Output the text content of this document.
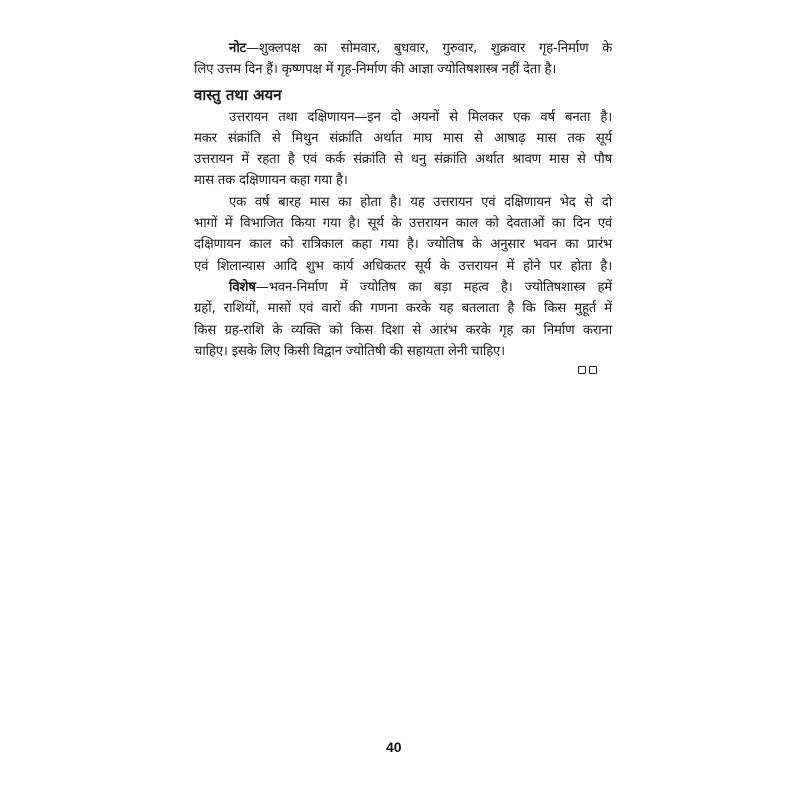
नोट—शुक्लपक्ष का सोमवार, बुधवार, गुरुवार, शुक्रवार गृह-निर्माण के
लिए उत्तम दिन हैं। कृष्णपक्ष में गृह-निर्माण की आज्ञा ज्योतिषशास्त्र नहीं देता है।
वास्तु तथा अयन
उत्तरायन तथा दक्षिणायन—इन दो अयनों से मिलकर एक वर्ष बनता है।
मकर संक्रांति से मिथुन संक्रांति अर्थात माघ मास से आषाढ़ मास तक सूर्य
उत्तरायन में रहता है एवं कर्क संक्रांति से धनु संक्रांति अर्थात श्रावण मास से पौष
मास तक दक्षिणायन कहा गया है।
एक वर्ष बारह मास का होता है। यह उत्तरायन एवं दक्षिणायन भेद से दो
भागों में विभाजित किया गया है। सूर्य के उत्तरायन काल को देवताओं का दिन एवं
दक्षिणायन काल को रात्रिकाल कहा गया है। ज्योतिष के अनुसार भवन का प्रारंभ
एवं शिलान्यास आदि शुभ कार्य अधिकतर सूर्य के उत्तरायन में होने पर होता है।
विशेष—भवन-निर्माण में ज्योतिष का बड़ा महत्व है। ज्योतिषशास्त्र हमें
ग्रहों, राशियों, मासों एवं वारों की गणना करके यह बतलाता है कि किस मुहूर्त में
किस ग्रह-राशि के व्यक्ति को किस दिशा से आरंभ करके गृह का निर्माण कराना
चाहिए। इसके लिए किसी विद्वान ज्योतिषी की सहायता लेनी चाहिए।
40
